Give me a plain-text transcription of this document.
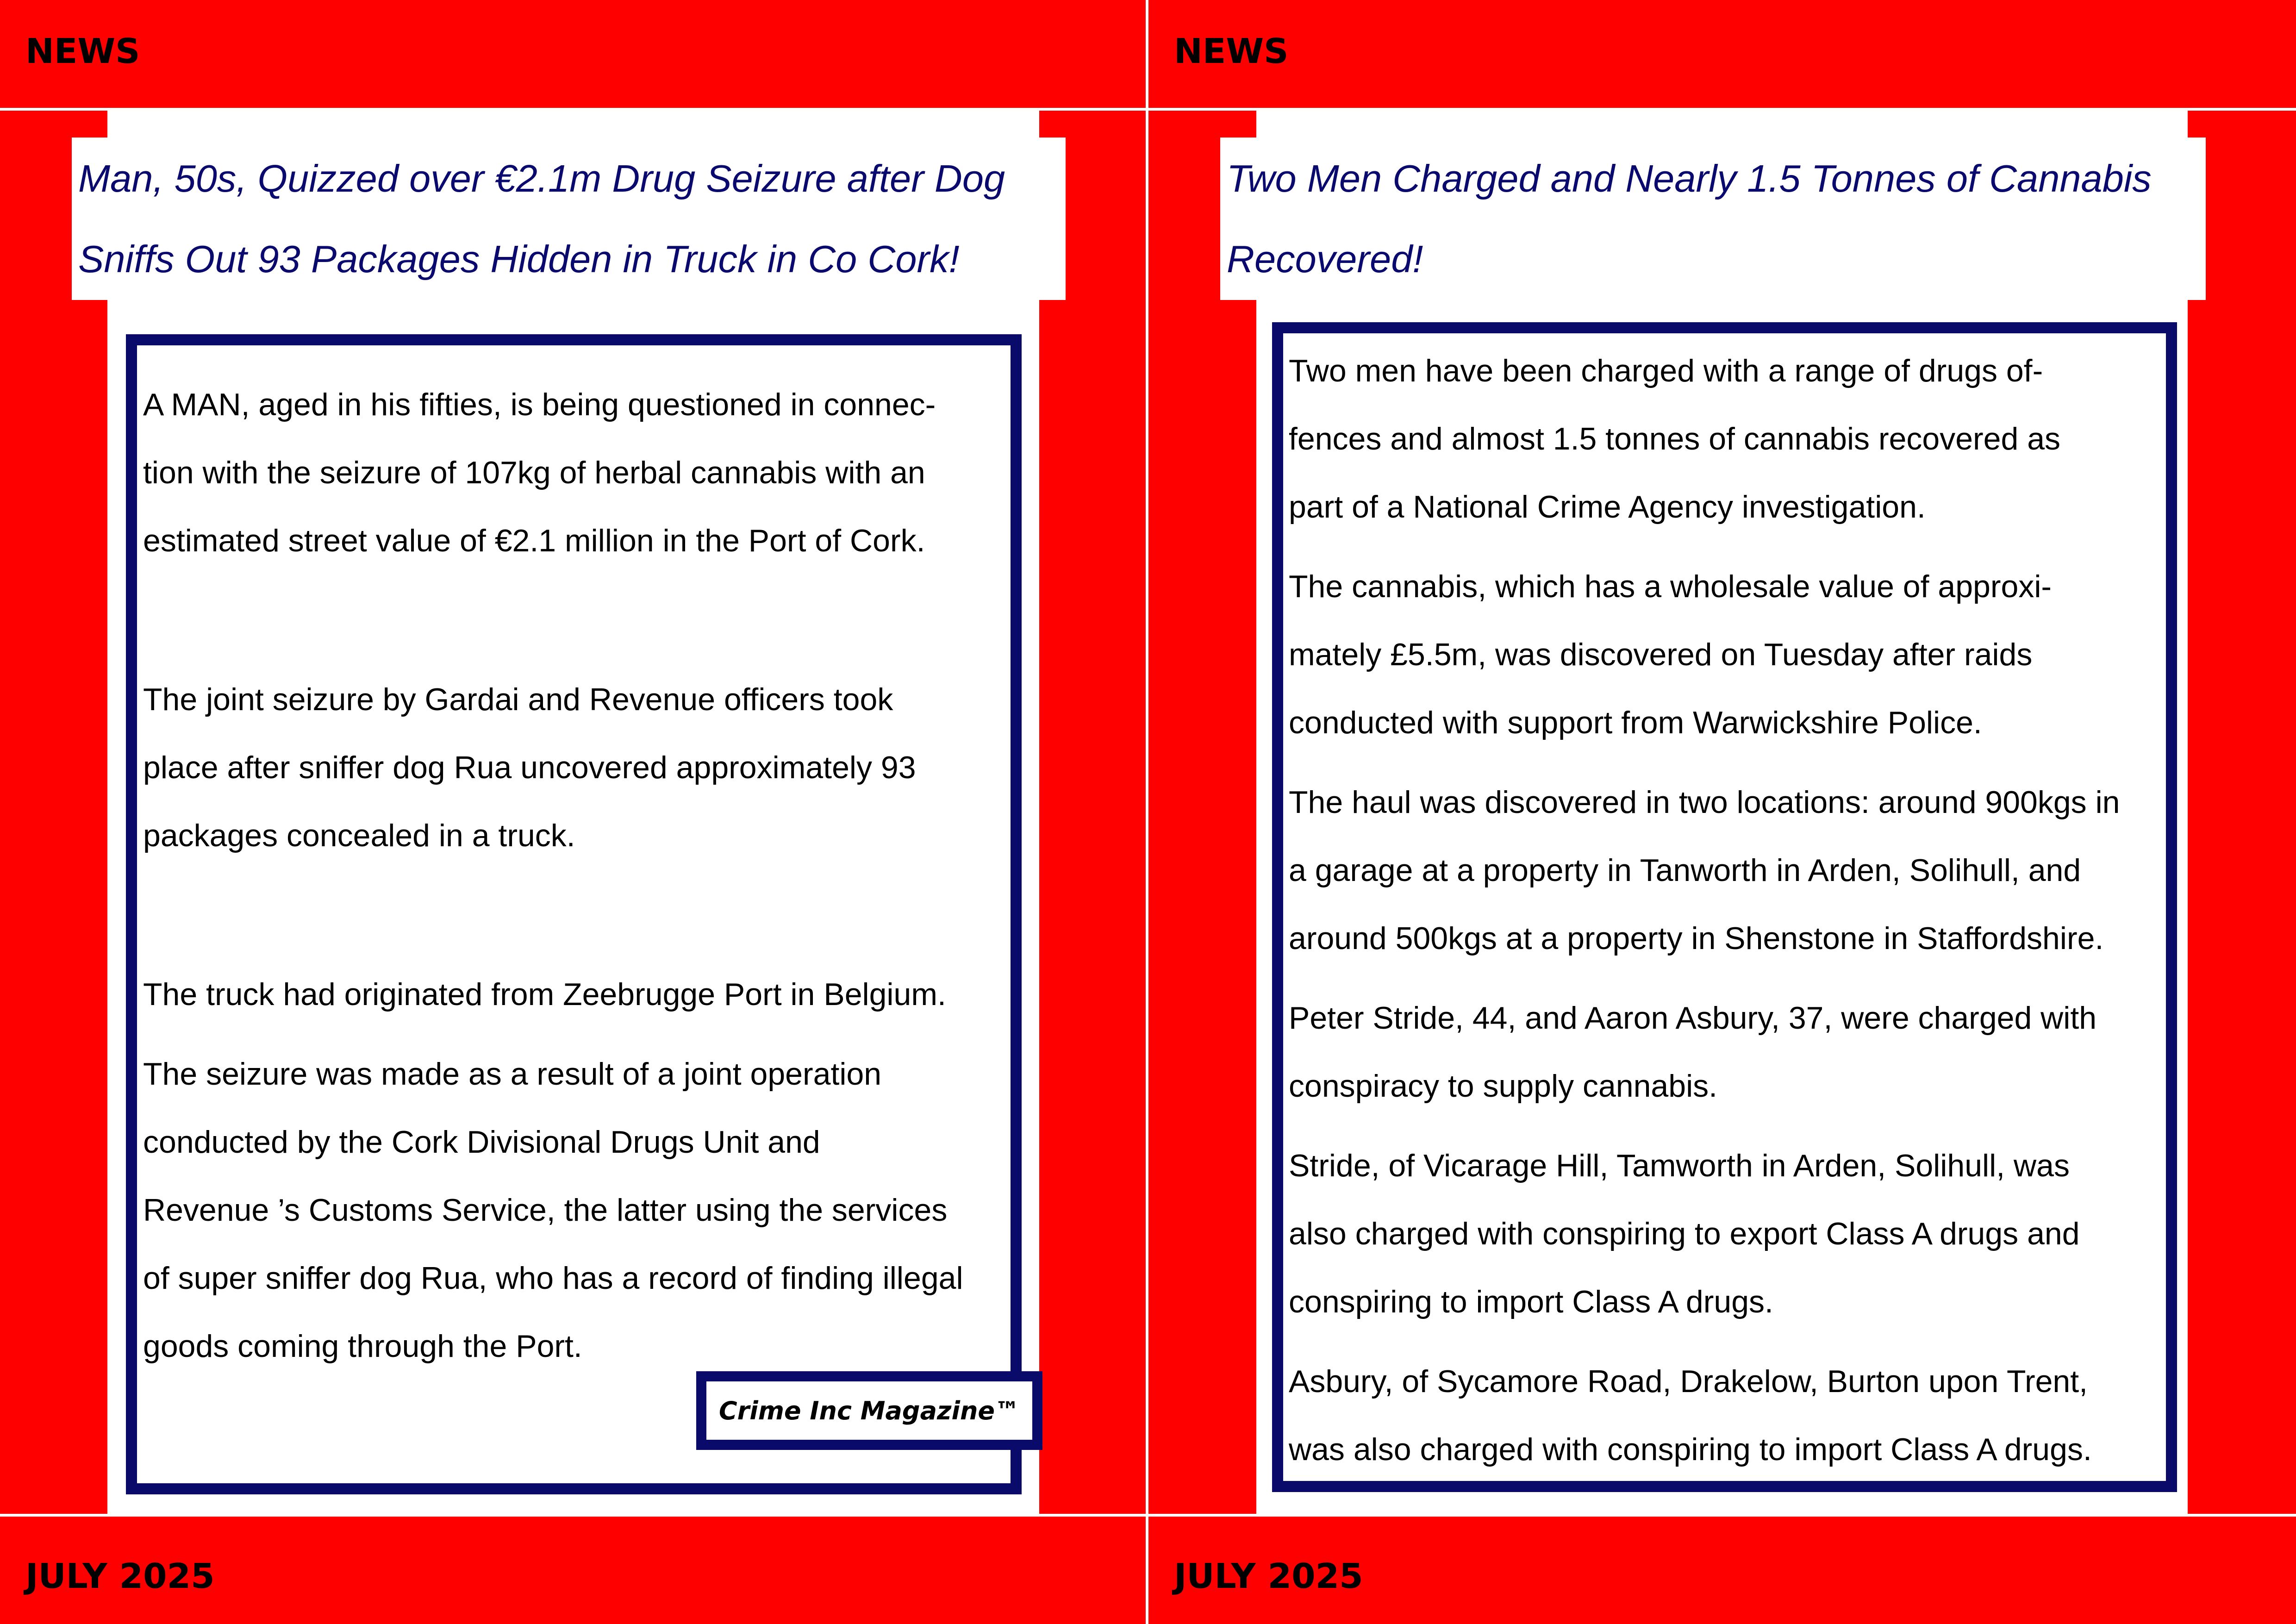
NEWS
Man, 50s, Quizzed over €2.1m Drug Seizure after Dog
Sniffs Out 93 Packages Hidden in Truck in Co Cork!
A MAN, aged in his fifties, is being questioned in connec-
tion with the seizure of 107kg of herbal cannabis with an
estimated street value of €2.1 million in the Port of Cork.
The joint seizure by Gardai and Revenue officers took
place after sniffer dog Rua uncovered approximately 93
packages concealed in a truck.
The truck had originated from Zeebrugge Port in Belgium.
The seizure was made as a result of a joint operation
conducted by the Cork Divisional Drugs Unit and
Revenue ’s Customs Service, the latter using the services
of super sniffer dog Rua, who has a record of finding illegal
goods coming through the Port.
Crime Inc Magazine™
JULY 2025
NEWS
Two Men Charged and Nearly 1.5 Tonnes of Cannabis
Recovered!
Two men have been charged with a range of drugs of-
fences and almost 1.5 tonnes of cannabis recovered as
part of a National Crime Agency investigation.
The cannabis, which has a wholesale value of approxi-
mately £5.5m, was discovered on Tuesday after raids
conducted with support from Warwickshire Police.
The haul was discovered in two locations: around 900kgs in
a garage at a property in Tanworth in Arden, Solihull, and
around 500kgs at a property in Shenstone in Staffordshire.
Peter Stride, 44, and Aaron Asbury, 37, were charged with
conspiracy to supply cannabis.
Stride, of Vicarage Hill, Tamworth in Arden, Solihull, was
also charged with conspiring to export Class A drugs and
conspiring to import Class A drugs.
Asbury, of Sycamore Road, Drakelow, Burton upon Trent,
was also charged with conspiring to import Class A drugs.
JULY 2025
